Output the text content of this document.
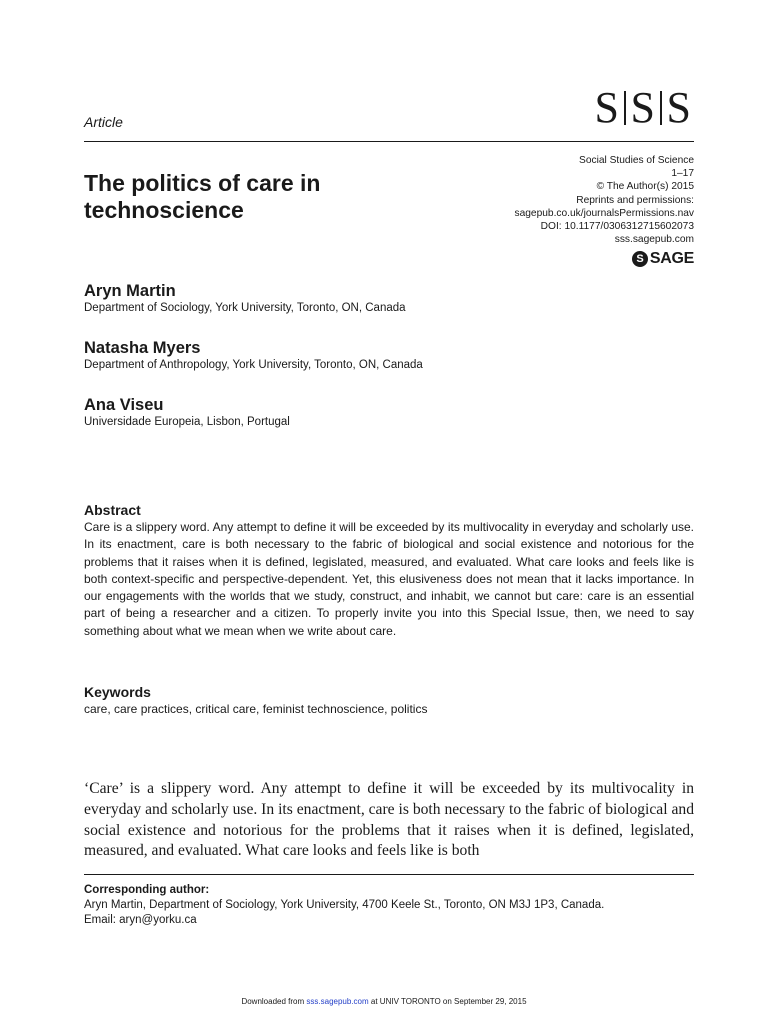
Article	S S S
The politics of care in technoscience
Social Studies of Science
1–17
© The Author(s) 2015
Reprints and permissions:
sagepub.co.uk/journalsPermissions.nav
DOI: 10.1177/0306312715602073
sss.sagepub.com
S SAGE
Aryn Martin
Department of Sociology, York University, Toronto, ON, Canada
Natasha Myers
Department of Anthropology, York University, Toronto, ON, Canada
Ana Viseu
Universidade Europeia, Lisbon, Portugal
Abstract

Care is a slippery word. Any attempt to define it will be exceeded by its multivocality in everyday and scholarly use. In its enactment, care is both necessary to the fabric of biological and social existence and notorious for the problems that it raises when it is defined, legislated, measured, and evaluated. What care looks and feels like is both context-specific and perspective-dependent. Yet, this elusiveness does not mean that it lacks importance. In our engagements with the worlds that we study, construct, and inhabit, we cannot but care: care is an essential part of being a researcher and a citizen. To properly invite you into this Special Issue, then, we need to say something about what we mean when we write about care.

Keywords
care, care practices, critical care, feminist technoscience, politics

‘Care’ is a slippery word. Any attempt to define it will be exceeded by its multivocality in everyday and scholarly use. In its enactment, care is both necessary to the fabric of biological and social existence and notorious for the problems that it raises when it is defined, legislated, measured, and evaluated. What care looks and feels like is both

Corresponding author:
Aryn Martin, Department of Sociology, York University, 4700 Keele St., Toronto, ON M3J 1P3, Canada.
Email: aryn@yorku.ca
Downloaded from sss.sagepub.com at UNIV TORONTO on September 29, 2015
